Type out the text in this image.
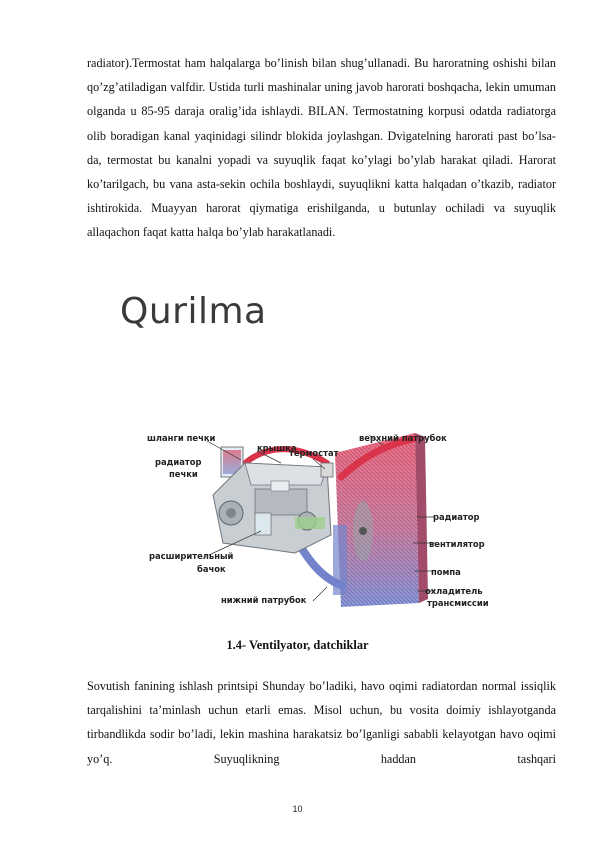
radiator).Termostat ham halqalarga bo’linish bilan shug’ullanadi. Bu haroratning oshishi bilan qo’zg’atiladigan valfdir. Ustida turli mashinalar uning javob harorati boshqacha, lekin umuman olganda u 85-95 daraja oralig’ida ishlaydi. BILAN. Termostatning korpusi odatda radiatorga olib boradigan kanal yaqinidagi silindr blokida joylashgan. Dvigatelning harorati past bo’lsa-da, termostat bu kanalni yopadi va suyuqlik faqat ko’ylagi bo’ylab harakat qiladi. Harorat ko’tarilgach, bu vana asta-sekin ochila boshlaydi, suyuqlikni katta halqadan o’tkazib, radiator ishtirokida. Muayyan harorat qiymatiga erishilganda, u butunlay ochiladi va suyuqlik allaqachon faqat katta halqa bo’ylab harakatlanadi.

Qurilma
шланги печки
крышка
термостат
верхний патрубок
радиатор
печки
радиатор
вентилятор
расширительный
бачок	помпа
нижний патрубок
охладитель
трансмиссии
1.4- Ventilyator, datchiklar

Sovutish fanining ishlash printsipi Shunday bo’ladiki, havo oqimi radiatordan normal issiqlik tarqalishini ta’minlash uchun etarli emas. Misol uchun, bu vosita doimiy ishlayotganda tirbandlikda sodir bo’ladi, lekin mashina harakatsiz bo’lganligi sababli kelayotgan havo oqimi yo’q. Suyuqlikning haddan tashqari

10
